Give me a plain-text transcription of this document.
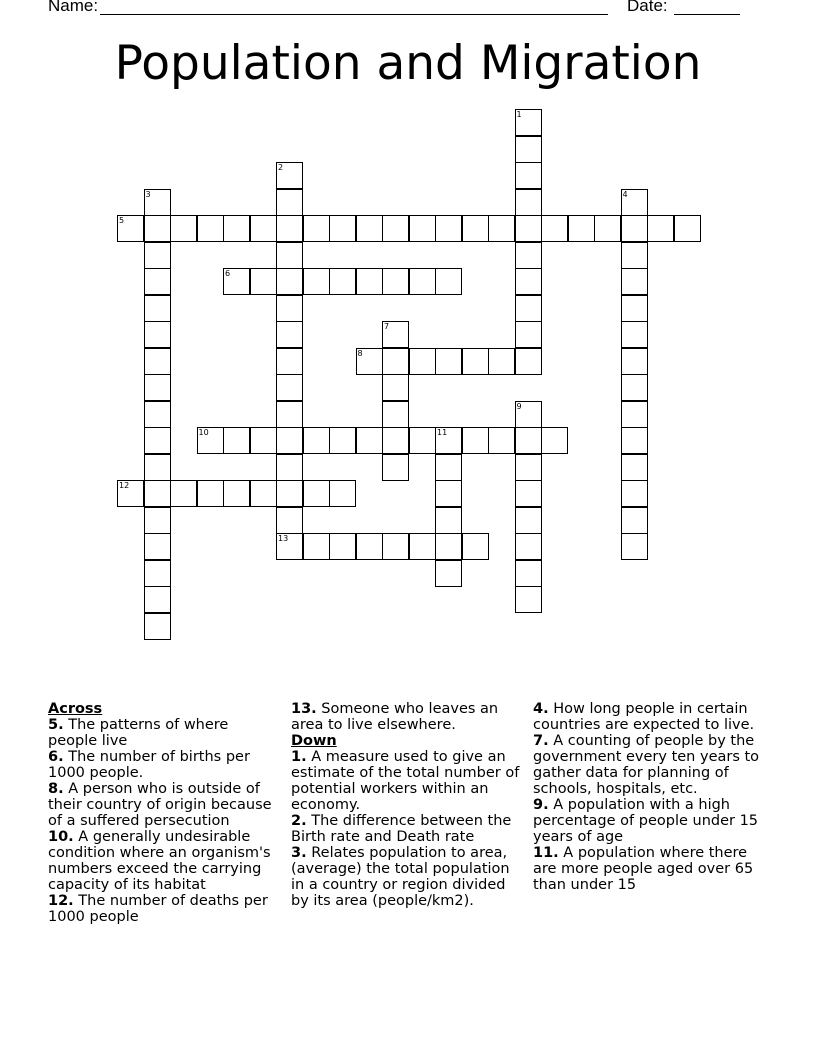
Name:	Date:
Population and Migration
1
2
3	4
5
6
7
8
9
10	11
12
13
Across
5. The patterns of where people live
6. The number of births per 1000 people.
8. A person who is outside of their country of origin because of a suffered persecution
10. A generally undesirable condition where an organism's numbers exceed the carrying capacity of its habitat
12. The number of deaths per 1000 people
13. Someone who leaves an area to live elsewhere.
Down
1. A measure used to give an estimate of the total number of potential workers within an economy.
2. The difference between the Birth rate and Death rate
3. Relates population to area, (average) the total population in a country or region divided by its area (people/km2).
4. How long people in certain countries are expected to live.
7. A counting of people by the government every ten years to gather data for planning of schools, hospitals, etc.
9. A population with a high percentage of people under 15 years of age
11. A population where there are more people aged over 65 than under 15
